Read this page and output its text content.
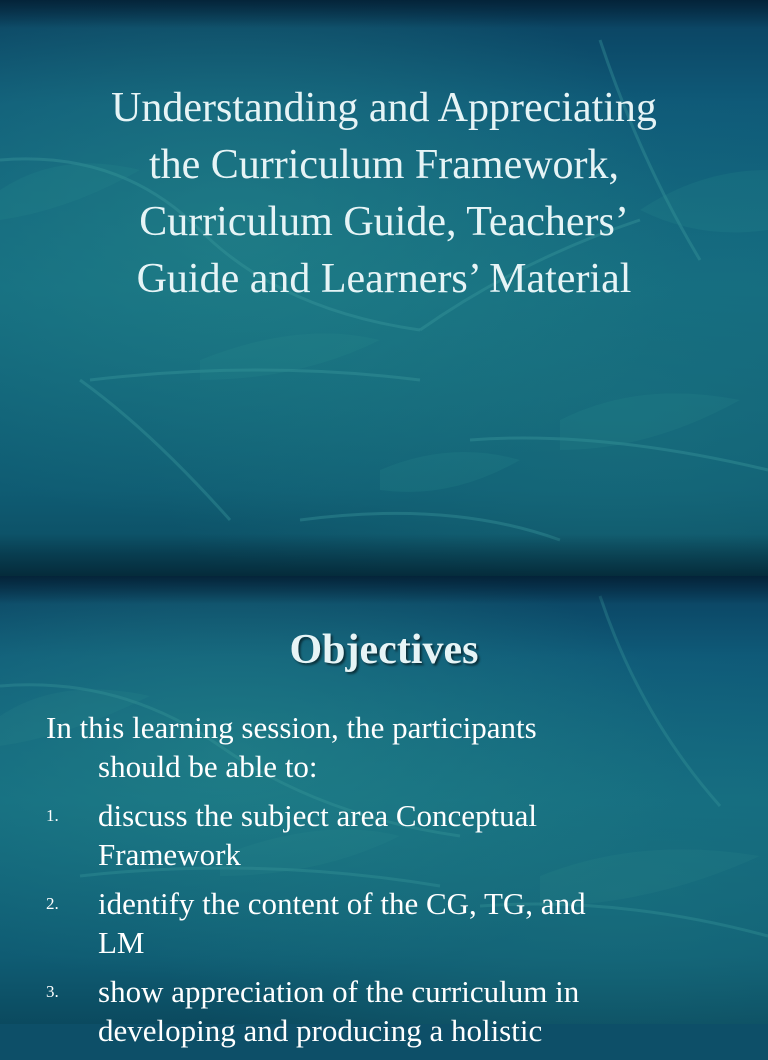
Understanding and Appreciating
the Curriculum Framework,
Curriculum Guide, Teachers’
Guide and Learners’ Material
Objectives

In this learning session, the participants
should be able to:

1. discuss the subject area Conceptual
Framework
2. identify the content of the CG, TG, and
LM
3. show appreciation of the curriculum in
developing and producing a holistic
